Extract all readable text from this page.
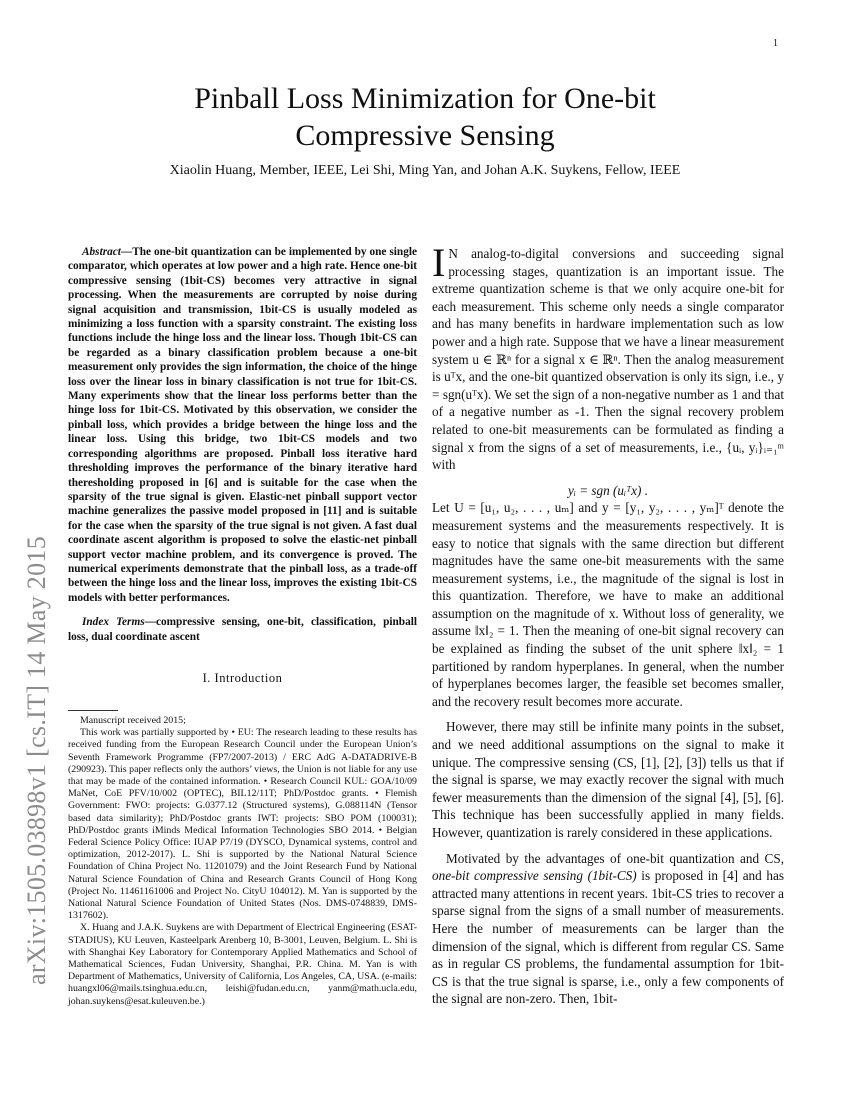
1
arXiv:1505.03898v1 [cs.IT] 14 May 2015
Pinball Loss Minimization for One-bit
Compressive Sensing
Xiaolin Huang, Member, IEEE, Lei Shi, Ming Yan, and Johan A.K. Suykens, Fellow, IEEE

Abstract—The one-bit quantization can be implemented by one single comparator, which operates at low power and a high rate. Hence one-bit compressive sensing (1bit-CS) becomes very attractive in signal processing. When the measurements are corrupted by noise during signal acquisition and transmission, 1bit-CS is usually modeled as minimizing a loss function with a sparsity constraint. The existing loss functions include the hinge loss and the linear loss. Though 1bit-CS can be regarded as a binary classification problem because a one-bit measurement only provides the sign information, the choice of the hinge loss over the linear loss in binary classification is not true for 1bit-CS. Many experiments show that the linear loss performs better than the hinge loss for 1bit-CS. Motivated by this observation, we consider the pinball loss, which provides a bridge between the hinge loss and the linear loss. Using this bridge, two 1bit-CS models and two corresponding algorithms are proposed. Pinball loss iterative hard thresholding improves the performance of the binary iterative hard theresholding proposed in [6] and is suitable for the case when the sparsity of the true signal is given. Elastic-net pinball support vector machine generalizes the passive model proposed in [11] and is suitable for the case when the sparsity of the true signal is not given. A fast dual coordinate ascent algorithm is proposed to solve the elastic-net pinball support vector machine problem, and its convergence is proved. The numerical experiments demonstrate that the pinball loss, as a trade-off between the hinge loss and the linear loss, improves the existing 1bit-CS models with better performances.

Index Terms—compressive sensing, one-bit, classification, pinball loss, dual coordinate ascent

I. Introduction

Manuscript received 2015;

This work was partially supported by • EU: The research leading to these results has received funding from the European Research Council under the European Union’s Seventh Framework Programme (FP7/2007-2013) / ERC AdG A-DATADRIVE-B (290923). This paper reflects only the authors’ views, the Union is not liable for any use that may be made of the contained information. • Research Council KUL: GOA/10/09 MaNet, CoE PFV/10/002 (OPTEC), BIL12/11T; PhD/Postdoc grants. • Flemish Government: FWO: projects: G.0377.12 (Structured systems), G.088114N (Tensor based data similarity); PhD/Postdoc grants IWT: projects: SBO POM (100031); PhD/Postdoc grants iMinds Medical Information Technologies SBO 2014. • Belgian Federal Science Policy Office: IUAP P7/19 (DYSCO, Dynamical systems, control and optimization, 2012-2017). L. Shi is supported by the National Natural Science Foundation of China Project No. 11201079) and the Joint Research Fund by National Natural Science Foundation of China and Research Grants Council of Hong Kong (Project No. 11461161006 and Project No. CityU 104012). M. Yan is supported by the National Natural Science Foundation of United States (Nos. DMS-0748839, DMS-1317602).

X. Huang and J.A.K. Suykens are with Department of Electrical Engineering (ESAT-STADIUS), KU Leuven, Kasteelpark Arenberg 10, B-3001, Leuven, Belgium. L. Shi is with Shanghai Key Laboratory for Contemporary Applied Mathematics and School of Mathematical Sciences, Fudan University, Shanghai, P.R. China. M. Yan is with Department of Mathematics, University of California, Los Angeles, CA, USA. (e-mails: huangxl06@mails.tsinghua.edu.cn, leishi@fudan.edu.cn, yanm@math.ucla.edu, johan.suykens@esat.kuleuven.be.)

I N analog-to-digital conversions and succeeding signal processing stages, quantization is an important issue. The extreme quantization scheme is that we only acquire one-bit for each measurement. This scheme only needs a single comparator and has many benefits in hardware implementation such as low power and a high rate. Suppose that we have a linear measurement system u ∈ ℝⁿ for a signal x ∈ ℝⁿ. Then the analog measurement is uᵀx, and the one-bit quantized observation is only its sign, i.e., y = sgn(uᵀx). We set the sign of a non-negative number as 1 and that of a negative number as -1. Then the signal recovery problem related to one-bit measurements can be formulated as finding a signal x from the signs of a set of measurements, i.e., {uᵢ, yᵢ}ᵢ₌₁ᵐ with

yᵢ = sgn (uᵢᵀx) .

Let U = [u₁, u₂, . . . , uₘ] and y = [y₁, y₂, . . . , yₘ]ᵀ denote the measurement systems and the measurements respectively. It is easy to notice that signals with the same direction but different magnitudes have the same one-bit measurements with the same measurement systems, i.e., the magnitude of the signal is lost in this quantization. Therefore, we have to make an additional assumption on the magnitude of x. Without loss of generality, we assume ‖x‖₂ = 1. Then the meaning of one-bit signal recovery can be explained as finding the subset of the unit sphere ‖x‖₂ = 1 partitioned by random hyperplanes. In general, when the number of hyperplanes becomes larger, the feasible set becomes smaller, and the recovery result becomes more accurate.

However, there may still be infinite many points in the subset, and we need additional assumptions on the signal to make it unique. The compressive sensing (CS, [1], [2], [3]) tells us that if the signal is sparse, we may exactly recover the signal with much fewer measurements than the dimension of the signal [4], [5], [6]. This technique has been successfully applied in many fields. However, quantization is rarely considered in these applications.

Motivated by the advantages of one-bit quantization and CS, one-bit compressive sensing (1bit-CS) is proposed in [4] and has attracted many attentions in recent years. 1bit-CS tries to recover a sparse signal from the signs of a small number of measurements. Here the number of measurements can be larger than the dimension of the signal, which is different from regular CS. Same as in regular CS problems, the fundamental assumption for 1bit-CS is that the true signal is sparse, i.e., only a few components of the signal are non-zero. Then, 1bit-
